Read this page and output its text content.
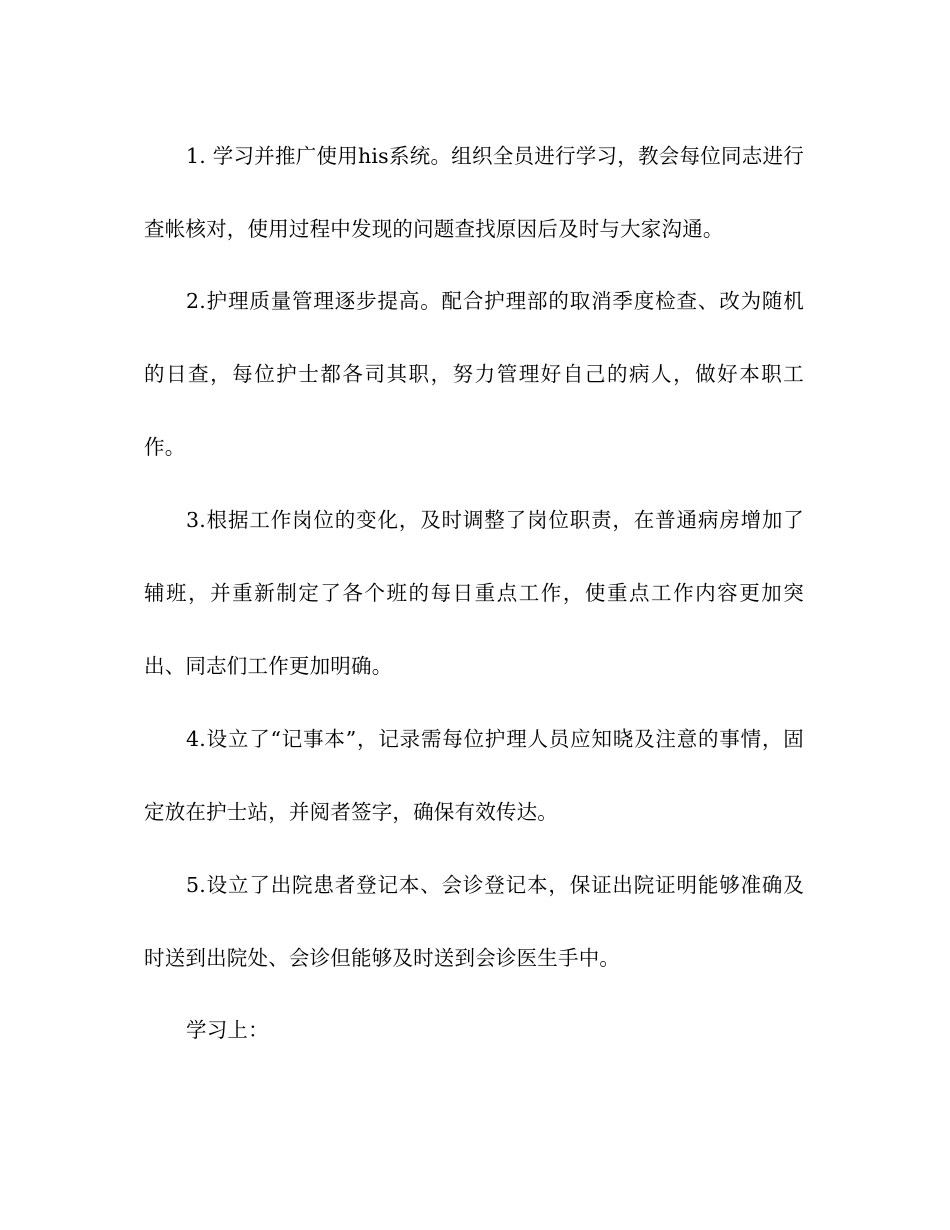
1. 学习并推广使用his系统。组织全员进行学习，教会每位同志进行查帐核对，使用过程中发现的问题查找原因后及时与大家沟通。

2.护理质量管理逐步提高。配合护理部的取消季度检查、改为随机的日查，每位护士都各司其职，努力管理好自己的病人，做好本职工作。

3.根据工作岗位的变化，及时调整了岗位职责，在普通病房增加了辅班，并重新制定了各个班的每日重点工作，使重点工作内容更加突出、同志们工作更加明确。

4.设立了“记事本”，记录需每位护理人员应知晓及注意的事情，固定放在护士站，并阅者签字，确保有效传达。

5.设立了出院患者登记本、会诊登记本，保证出院证明能够准确及时送到出院处、会诊但能够及时送到会诊医生手中。

学习上：
